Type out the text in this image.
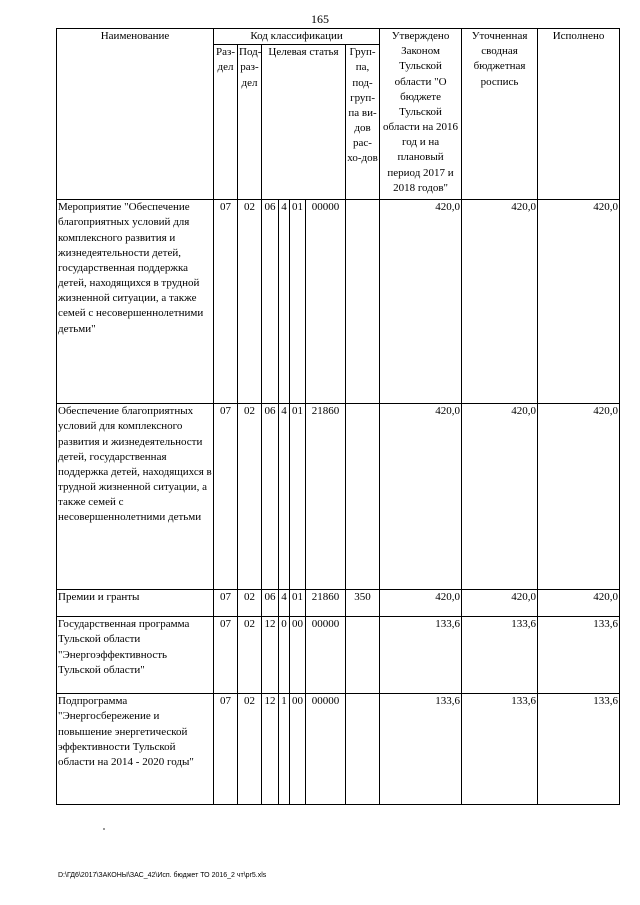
165
Наименование	Код классификации							Утверждено Законом Тульской области "О бюджете Тульской области на 2016 год и на плановый период 2017 и 2018 годов"	Уточненная сводная бюджетная роспись	Исполнено
	Раз-дел	Под-раз-дел	Целевая статья				Груп-па, под-груп-па ви-дов рас-хо-дов			
Мероприятие "Обеспечение благоприятных условий для комплексного развития и жизнедеятельности детей, государственная поддержка детей, находящихся в трудной жизненной ситуации, а также семей с несовершеннолетними детьми"	07	02	06	4	01	00000		420,0	420,0	420,0
Обеспечение благоприятных условий для комплексного развития и жизнедеятельности детей, государственная поддержка детей, находящихся в трудной жизненной ситуации, а также семей с несовершеннолетними детьми	07	02	06	4	01	21860		420,0	420,0	420,0
Премии и гранты	07	02	06	4	01	21860	350	420,0	420,0	420,0
Государственная программа Тульской области "Энергоэффективность Тульской области"	07	02	12	0	00	00000		133,6	133,6	133,6
Подпрограмма "Энергосбережение и повышение энергетической эффективности Тульской области на 2014 - 2020 годы"	07	02	12	1	00	00000		133,6	133,6	133,6
D:\ГД6\2017\ЗАКОНЫ\ЗАС_42\Исп. бюджет ТО 2016_2 чт\pr5.xls
